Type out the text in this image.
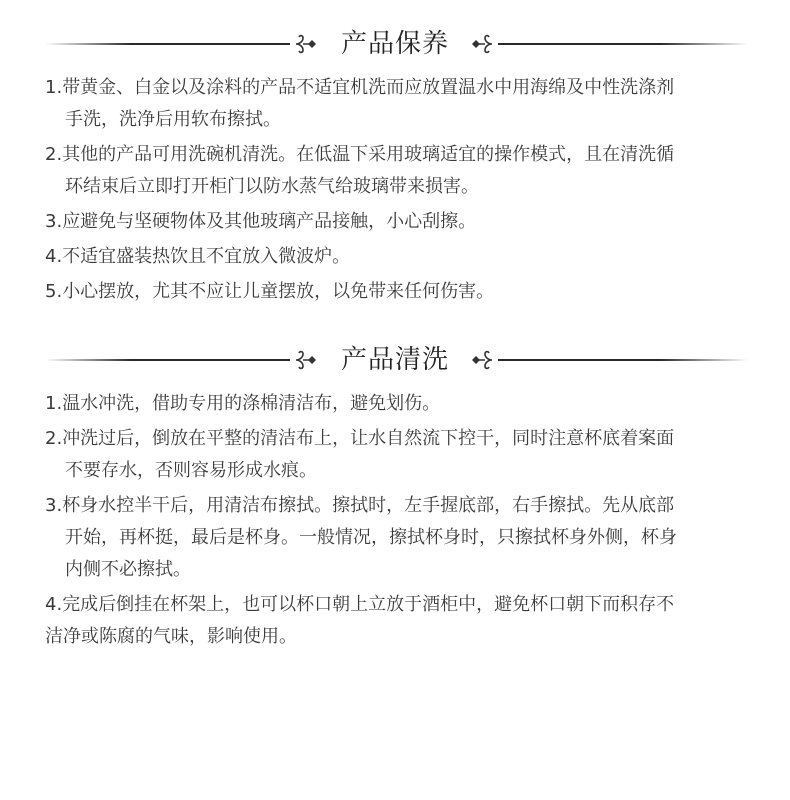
产品保养
1.带黄金、白金以及涂料的产品不适宜机洗而应放置温水中用海绵及中性洗涤剂
手洗，洗净后用软布擦拭。
2.其他的产品可用洗碗机清洗。在低温下采用玻璃适宜的操作模式，且在清洗循
环结束后立即打开柜门以防水蒸气给玻璃带来损害。
3.应避免与坚硬物体及其他玻璃产品接触，小心刮擦。
4.不适宜盛装热饮且不宜放入微波炉。
5.小心摆放，尤其不应让儿童摆放，以免带来任何伤害。
产品清洗
1.温水冲洗，借助专用的涤棉清洁布，避免划伤。
2.冲洗过后，倒放在平整的清洁布上，让水自然流下控干，同时注意杯底着案面
不要存水，否则容易形成水痕。
3.杯身水控半干后，用清洁布擦拭。擦拭时，左手握底部，右手擦拭。先从底部
开始，再杯挺，最后是杯身。一般情况，擦拭杯身时，只擦拭杯身外侧，杯身
内侧不必擦拭。
4.完成后倒挂在杯架上，也可以杯口朝上立放于酒柜中，避免杯口朝下而积存不
洁净或陈腐的气味，影响使用。
